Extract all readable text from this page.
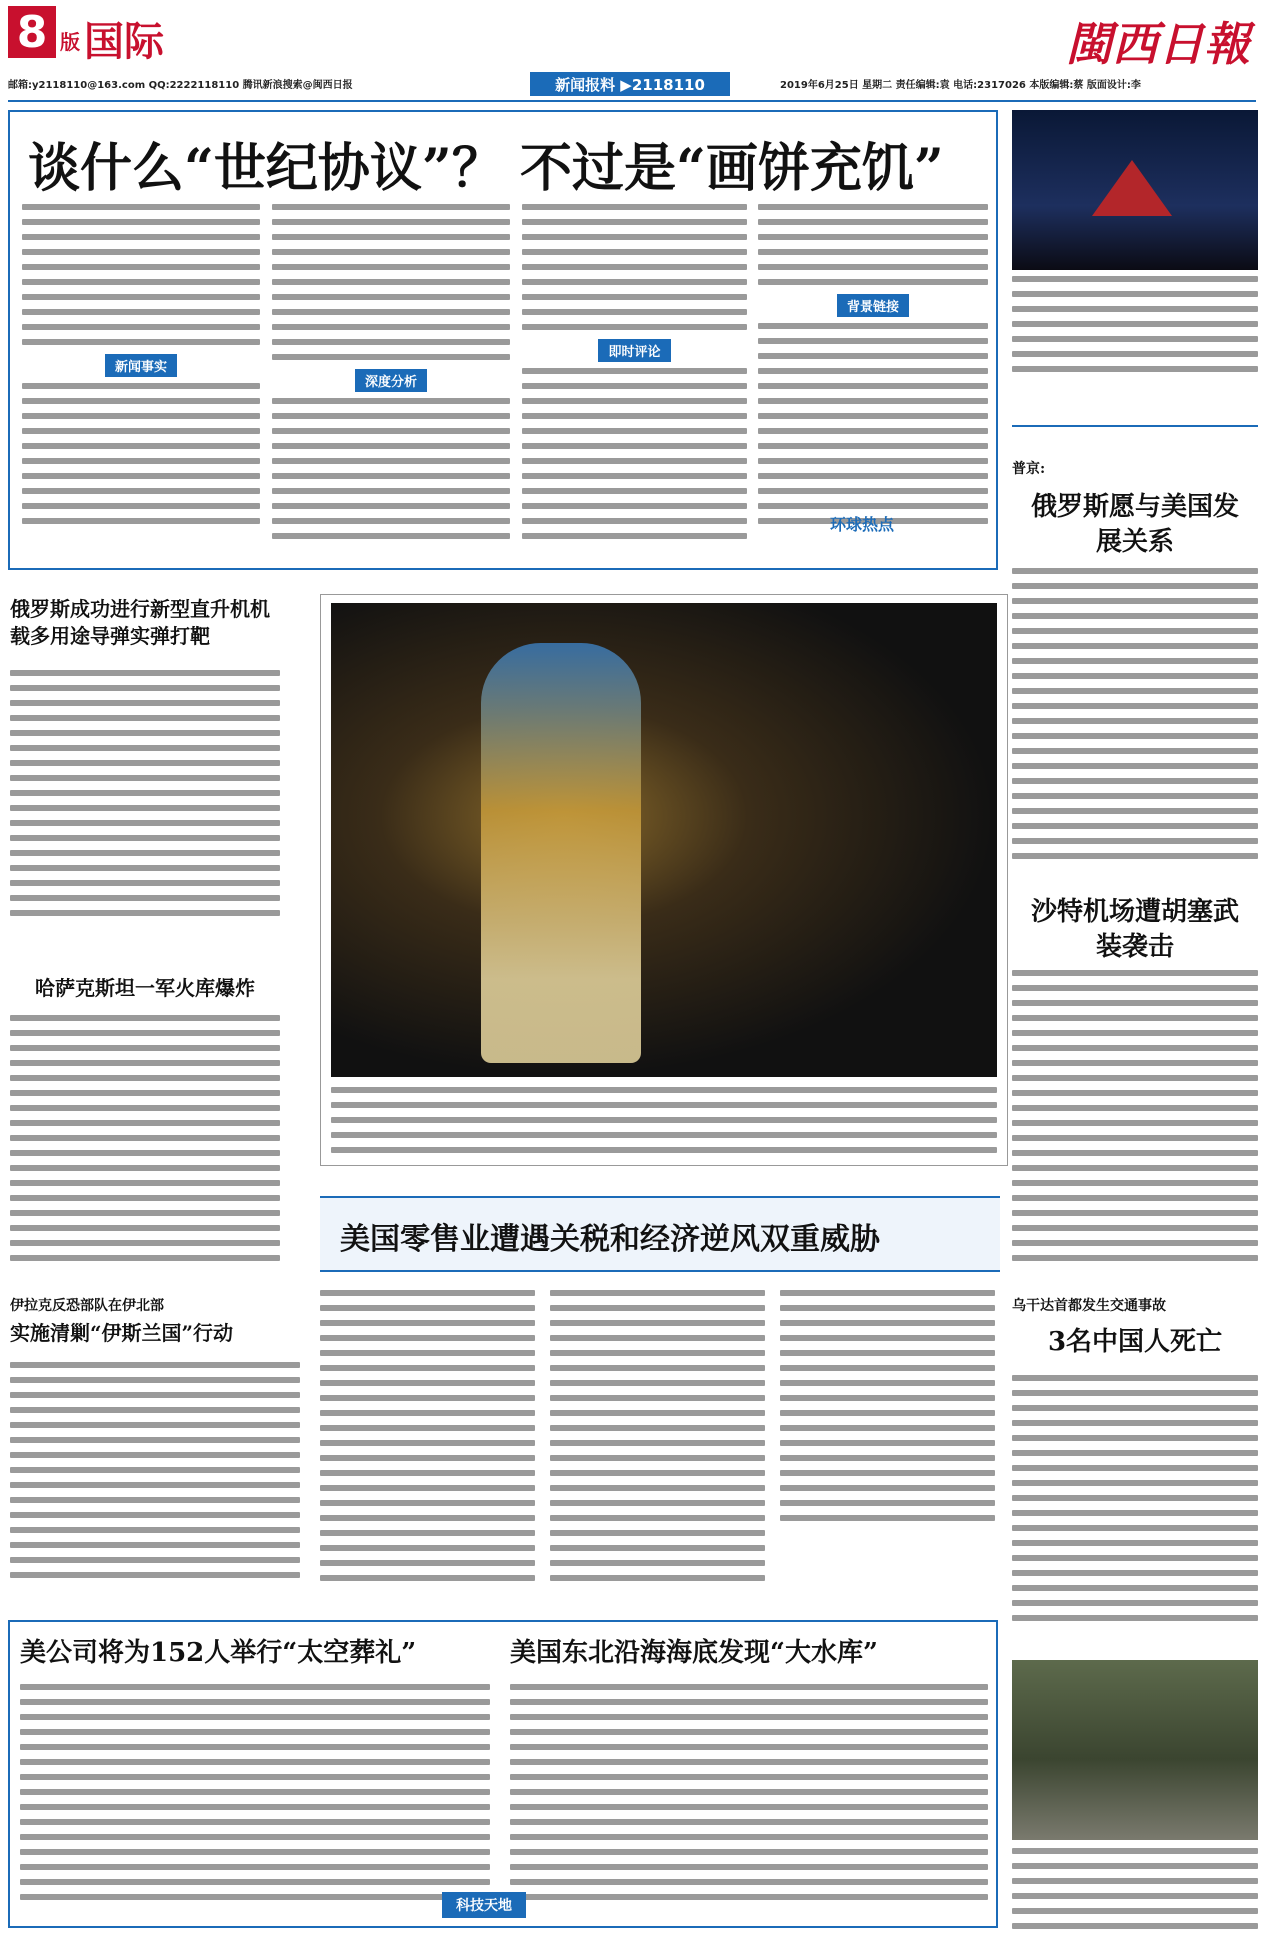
8 版 国际	閩西日報
邮箱:y2118110@163.com QQ:2222118110 腾讯新浪搜索@闽西日报	新闻报料 ▶2118110	2019年6月25日 星期二 责任编辑:袁 电话:2317026 本版编辑:蔡 版面设计:李
谈什么“世纪协议”？ 不过是“画饼充饥”
新闻事实
深度分析
即时评论
背景链接
环球热点
普京:
俄罗斯愿与美国发展关系
沙特机场遭胡塞武装袭击
乌干达首都发生交通事故
3名中国人死亡
俄罗斯成功进行新型直升机机载多用途导弹实弹打靶
哈萨克斯坦一军火库爆炸
伊拉克反恐部队在伊北部
实施清剿“伊斯兰国”行动
美国零售业遭遇关税和经济逆风双重威胁
美公司将为152人举行“太空葬礼”	美国东北沿海海底发现“大水库”
科技天地
